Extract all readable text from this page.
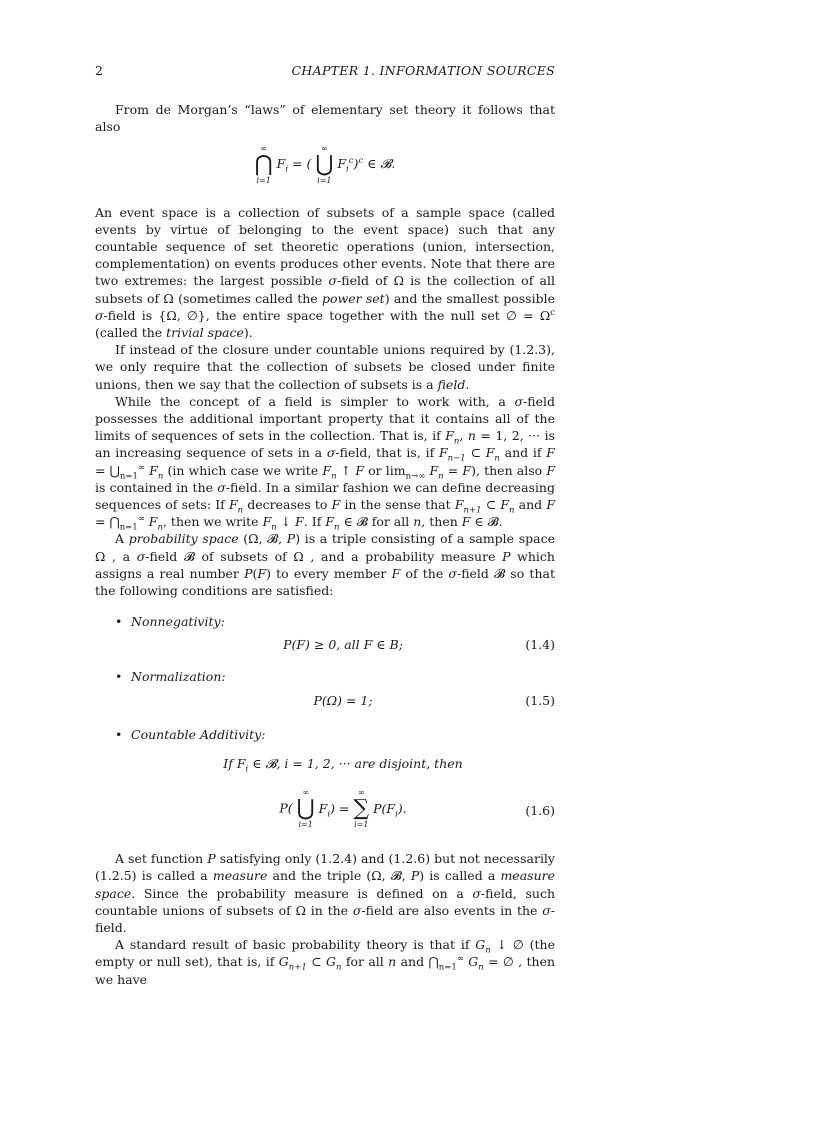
2	CHAPTER 1. INFORMATION SOURCES

From de Morgan’s “laws” of elementary set theory it follows that also

∞
⋂
i=1
$F_i$ = (
∞
⋃
i=1
$F_i^c)^c$ ∈ 𝓑.

An event space is a collection of subsets of a sample space (called events by virtue of belonging to the event space) such that any countable sequence of set theoretic operations (union, intersection, complementation) on events produces other events. Note that there are two extremes: the largest possible σ-field of Ω is the collection of all subsets of Ω (sometimes called the power set) and the smallest possible σ-field is {Ω, ∅}, the entire space together with the null set ∅ = $\Omega^c$ (called the trivial space).

If instead of the closure under countable unions required by (1.2.3), we only require that the collection of subsets be closed under finite unions, then we say that the collection of subsets is a field.

While the concept of a field is simpler to work with, a σ-field possesses the additional important property that it contains all of the limits of sequences of sets in the collection. That is, if $F_n$, n = 1, 2, ··· is an increasing sequence of sets in a σ-field, that is, if $F_{n-1}$ ⊂ $F_n$ and if $F = ⋃_{n=1}^\infty$ $F_n$ (in which case we write $F_n$ ↑ F or $\lim_{n\to\infty} F_n = F$), then also F is contained in the σ-field. In a similar fashion we can define decreasing sequences of sets: If $F_n$ decreases to F in the sense that $F_{n+1}$ ⊂ $F_n$ and $F = ⋂_{n=1}^\infty$ $F_n$, then we write $F_n$ ↓ F. If $F_n$ ∈ 𝓑 for all n, then F ∈ 𝓑.

A probability space (Ω, 𝓑, P) is a triple consisting of a sample space Ω , a σ-field 𝓑 of subsets of Ω , and a probability measure P which assigns a real number P(F) to every member F of the σ-field 𝓑 so that the following conditions are satisfied:

• Nonnegativity:
P(F) ≥ 0, all F ∈ B;	(1.4)
• Normalization:
P(Ω) = 1;	(1.5)
• Countable Additivity:
If $F_i$ ∈ 𝓑, i = 1, 2, ··· are disjoint, then
P(
∞
⋃
i=1
$F_i$) =
∞
∑
i=1
$P(F_i)$.	(1.6)

A set function P satisfying only (1.2.4) and (1.2.6) but not necessarily (1.2.5) is called a measure and the triple (Ω, 𝓑, P) is called a measure space. Since the probability measure is defined on a σ-field, such countable unions of subsets of Ω in the σ-field are also events in the σ-field.

A standard result of basic probability theory is that if $G_n$ ↓ ∅ (the empty or null set), that is, if $G_{n+1}$ ⊂ $G_n$ for all n and $⋂_{n=1}^\infty$ $G_n$ = ∅ , then we have
